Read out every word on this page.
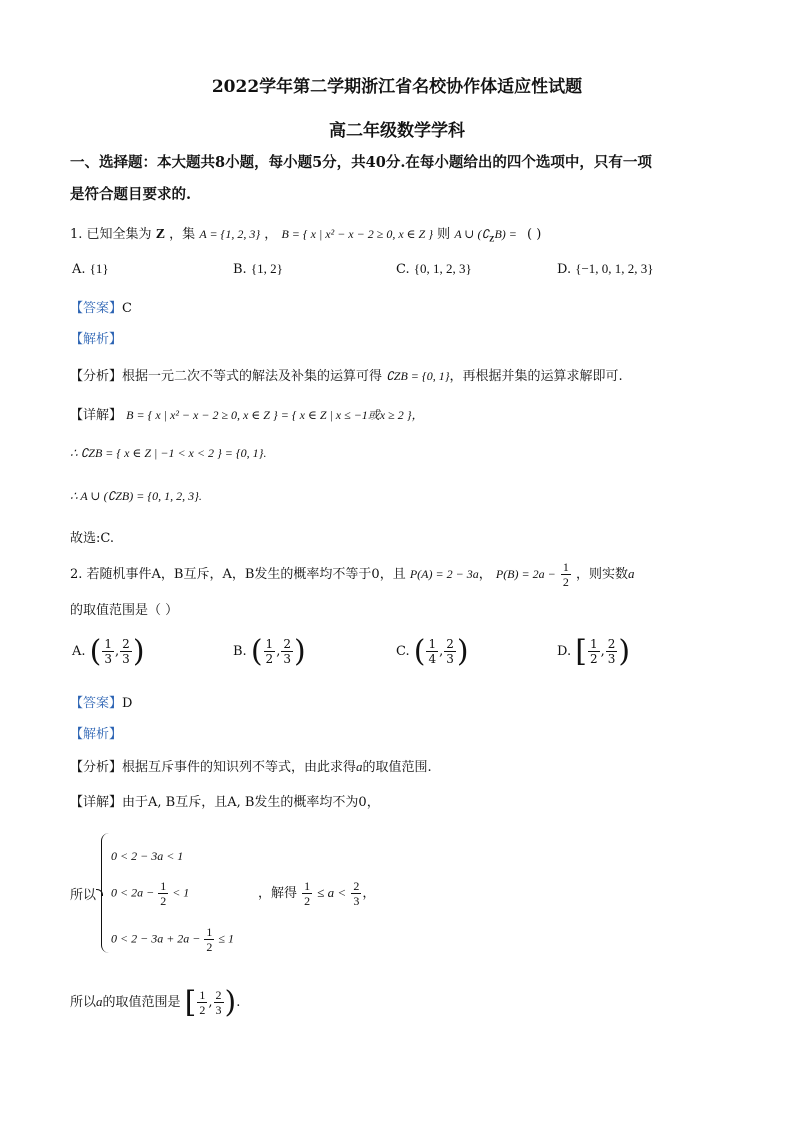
2022学年第二学期浙江省名校协作体适应性试题
高二年级数学学科
一、选择题：本大题共8小题，每小题5分，共40分.在每小题给出的四个选项中，只有一项
是符合题目要求的.
1. 已知全集为 Z ，集 A = {1, 2, 3} ， B = { x | x² − x − 2 ≥ 0, x ∈ Z } 则 A ∪ $(∁_ZB)$ = ( )
A. {1}	B. {1, 2}	C. {0, 1, 2, 3}	D. {−1, 0, 1, 2, 3}
【答案】C
【解析】
【分析】根据一元二次不等式的解法及补集的运算可得 ∁ZB = {0, 1}，再根据并集的运算求解即可.
【详解】 B = { x | x² − x − 2 ≥ 0, x ∈ Z } = { x ∈ Z | x ≤ −1或x ≥ 2 }，
∴ ∁ZB = { x ∈ Z | −1 < x < 2 } = {0, 1}.
∴ A ∪ (∁ZB) = {0, 1, 2, 3}.
故选:C.
2. 若随机事件A，B互斥，A，B发生的概率均不等于0，且 P(A) = 2 − 3a， $P(B) = 2a - \frac{1}{2}$ ，则实数a
的取值范围是（ ）
A. ( $\frac{1}{3}$ , $\frac{2}{3}$ )	B. ( $\frac{1}{2}$ , $\frac{2}{3}$ )	C. ( $\frac{1}{4}$ , $\frac{2}{3}$ )	D. [ $\frac{1}{2}$ , $\frac{2}{3}$ )
【答案】D
【解析】
【分析】根据互斥事件的知识列不等式，由此求得a的取值范围.
【详解】由于A, B互斥，且A, B发生的概率均不为0，
所以
0 < 2 − 3a < 1
$0 < 2a - \frac{1}{2} < 1$
$0 < 2 - 3a + 2a - \frac{1}{2} \le 1$
，解得 $\frac{1}{2} \le a < \frac{2}{3}$ ，
所以a的取值范围是 [ $\frac{1}{2}$ , $\frac{2}{3}$ ).
